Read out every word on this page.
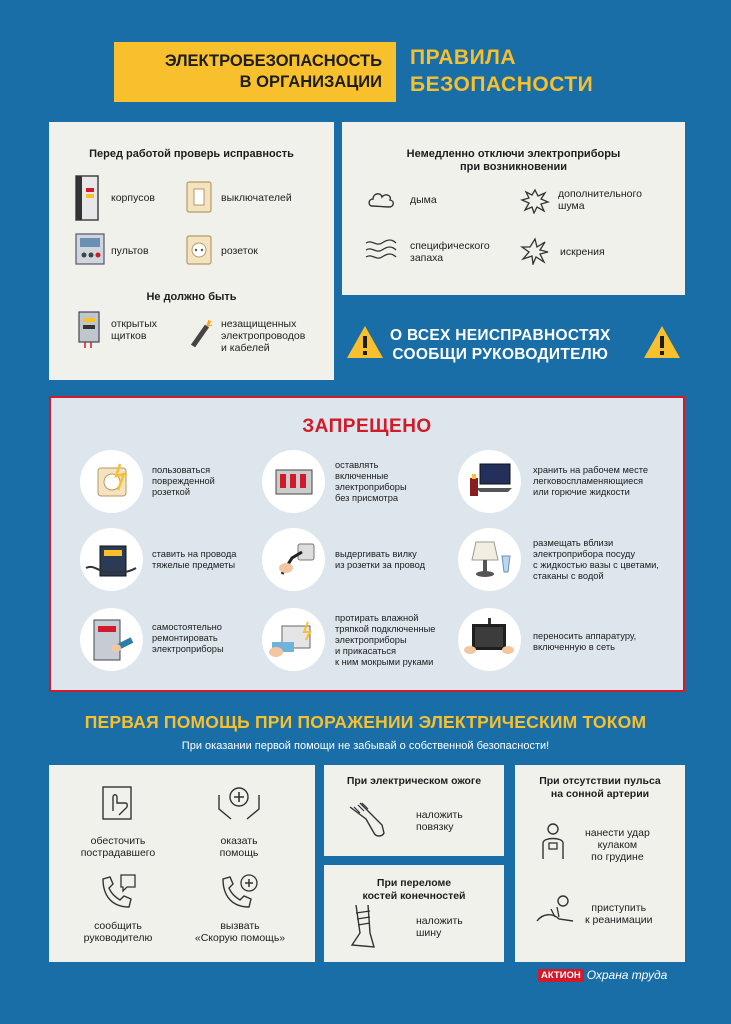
ЭЛЕКТРОБЕЗОПАСНОСТЬ
В ОРГАНИЗАЦИИ
ПРАВИЛА
БЕЗОПАСНОСТИ
Перед работой проверь исправность
корпусов	выключателей
пультов	розеток
Не должно быть
открытых
щитков
незащищенных
электропроводов
и кабелей
Немедленно отключи электроприборы
при возникновении
дыма	дополнительного
шума
специфического
запаха	искрения
О ВСЕХ НЕИСПРАВНОСТЯХ
СООБЩИ РУКОВОДИТЕЛЮ
ЗАПРЕЩЕНО
пользоваться
поврежденной
розеткой
оставлять
включенные
электроприборы
без присмотра
хранить на рабочем месте
легковоспламеняющиеся
или горючие жидкости
ставить на провода
тяжелые предметы
выдергивать вилку
из розетки за провод
размещать вблизи
электроприбора посуду
с жидкостью вазы с цветами,
стаканы с водой
самостоятельно
ремонтировать
электроприборы
протирать влажной
тряпкой подключенные
электроприборы
и прикасаться
к ним мокрыми руками
переносить аппаратуру,
включенную в сеть
ПЕРВАЯ ПОМОЩЬ ПРИ ПОРАЖЕНИИ ЭЛЕКТРИЧЕСКИМ ТОКОМ
При оказании первой помощи не забывай о собственной безопасности!
обесточить
пострадавшего
оказать
помощь
сообщить
руководителю
вызвать
«Скорую помощь»
При электрическом ожоге
наложить
повязку
При переломе
костей конечностей
наложить
шину
При отсутствии пульса
на сонной артерии
нанести удар
кулаком
по грудине
приступить
к реанимации
АКТИОН Охрана труда
